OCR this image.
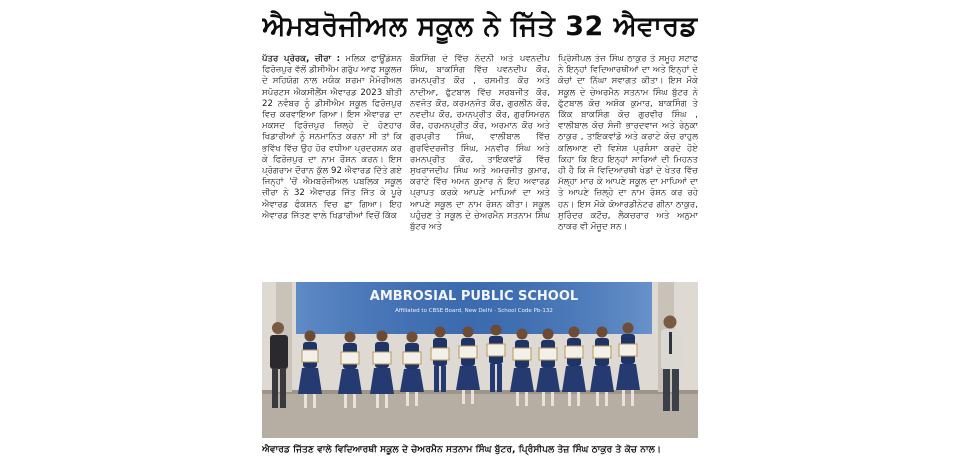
ਐਮਬਰੋਜੀਅਲ ਸਕੂਲ ਨੇ ਜਿੱਤੇ 32 ਐਵਾਰਡ
ਪੱਤਰ ਪ੍ਰੇਰਕ, ਜ਼ੀਰਾ : ਮਲਿਕ ਫਾਊਂਡੇਸ਼ਨ ਫਿਰੋਜ਼ਪੁਰ ਵੱਲੋਂ ਡੀਸੀਐਮ ਗਰੁੱਪ ਆਫ ਸਕੂਲਜ਼ ਦੇ ਸਹਿਯੋਗ ਨਾਲ ਮਯੰਕ ਸ਼ਰਮਾ ਮੈਮੋਰੀਅਲ ਸਪੋਰਟਸ ਐਕਸੀਲੈਂਸ ਐਵਾਰਡ 2023 ਬੀਤੀ 22 ਨਵੰਬਰ ਨੂੰ ਡੀਸੀਐਮ ਸਕੂਲ ਫਿਰੋਜ਼ਪੁਰ ਵਿਚ ਕਰਵਾਇਆ ਗਿਆ। ਇਸ ਐਵਾਰਡ ਦਾ ਮਕਸਦ ਫਿਰੋਜ਼ਪੁਰ ਜ਼ਿਲ੍ਹੇ ਦੇ ਹੋਣਹਾਰ ਖਿਡਾਰੀਆਂ ਨੂੰ ਸਨਮਾਨਿਤ ਕਰਨਾ ਸੀ ਤਾਂ ਕਿ ਭਵਿੱਖ ਵਿੱਚ ਉਹ ਹੋਰ ਵਧੀਆ ਪ੍ਰਦਰਸ਼ਨ ਕਰ ਕੇ ਫਿਰੋਜ਼ਪੁਰ ਦਾ ਨਾਮ ਰੌਸ਼ਨ ਕਰਨ। ਇਸ ਪ੍ਰੋਗਰਾਮ ਦੌਰਾਨ ਕੁੱਲ 92 ਐਵਾਰਡ ਦਿੱਤੇ ਗਏ ਜਿਨ੍ਹਾਂ 'ਚੋਂ ਐਮਬਰੋਜੀਅਲ ਪਬਲਿਕ ਸਕੂਲ ਜ਼ੀਰਾ ਨੇ 32 ਐਵਾਰਡ ਜਿੱਤ ਜਿੱਤ ਕੇ ਪੂਰੇ ਐਵਾਰਡ ਫੰਕਸ਼ਨ ਵਿਚ ਛਾ ਗਿਆ। ਇਹ ਐਵਾਰਡ ਜਿੱਤਣ ਵਾਲੇ ਖਿਡਾਰੀਆਂ ਵਿਚੋਂ ਕਿੱਕ
ਬੌਕਸਿੰਗ ਦੇ ਵਿੱਚ ਨੰਦਨੀ ਅਤੇ ਪਵਨਦੀਪ ਸਿੰਘ, ਬਾਕਸਿੰਗ ਵਿੱਚ ਪਵਨਦੀਪ ਕੌਰ, ਰਮਨਪ੍ਰੀਤ ਕੌਰ , ਰਸਮੀਤ ਕੌਰ ਅਤੇ ਨਾਦੀਆ, ਫੁੱਟਬਾਲ ਵਿੱਚ ਸਰਬਜੀਤ ਕੌਰ, ਨਵਜੋਤ ਕੌਰ, ਕਰਮਨਜੋਤ ਕੌਰ, ਗੁਰਲੀਨ ਕੌਰ, ਨਵਦੀਪ ਕੌਰ, ਰਮਨਪ੍ਰੀਤ ਕੌਰ, ਗੁਰਸਿਮਰਨ ਕੌਰ, ਹਰਮਨਪ੍ਰੀਤ ਕੌਰ, ਅਰਮਾਨ ਕੌਰ ਅਤੇ ਗੁਰਪ੍ਰੀਤ ਸਿੰਘ, ਵਾਲੀਬਾਲ ਵਿੱਚ ਗੁਰਵਿੰਦਰਜੀਤ ਸਿੰਘ, ਮਨਵੀਰ ਸਿੰਘ ਅਤੇ ਰਮਨਪ੍ਰੀਤ ਕੌਰ, ਤਾਇਕਵਾਂਡੋ ਵਿੱਚ ਸੁਖਰਾਜਦੀਪ ਸਿੰਘ ਅਤੇ ਅਮਰਜੀਤ ਕੁਮਾਰ, ਕਰਾਟੇ ਵਿੱਚ ਅਮਨ ਕੁਮਾਰ ਨੇ ਇਹ ਅਵਾਰਡ ਪ੍ਰਾਪਤ ਕਰਕੇ ਆਪਣੇ ਮਾਪਿਆਂ ਦਾ ਅਤੇ ਆਪਣੇ ਸਕੂਲ ਦਾ ਨਾਮ ਰੋਸ਼ਨ ਕੀਤਾ। ਸਕੂਲ ਪਹੁੰਚਣ ਤੇ ਸਕੂਲ ਦੇ ਚੇਅਰਮੈਨ ਸਤਨਾਮ ਸਿੰਘ ਬੁੱਟਰ ਅਤੇ
ਪ੍ਰਿੰਸੀਪਲ ਤੇਜ਼ ਸਿੰਘ ਠਾਕੁਰ ਤੇ ਸਮੂਹ ਸਟਾਫ ਨੇ ਇਨ੍ਹਾਂ ਵਿਦਿਆਰਥੀਆਂ ਦਾ ਅਤੇ ਇਨ੍ਹਾਂ ਦੇ ਕੋਚਾਂ ਦਾ ਨਿੱਘਾ ਸਵਾਗਤ ਕੀਤਾ। ਇਸ ਮੌਕੇ ਸਕੂਲ ਦੇ ਚੇਅਰਮੈਨ ਸਤਨਾਮ ਸਿੰਘ ਬੁੱਟਰ ਨੇ ਫੁੱਟਬਾਲ ਕੋਚ ਅਸ਼ੋਕ ਕੁਮਾਰ, ਬਾਕਸਿੰਗ ਤੇ ਕਿੱਕ ਬਾਕਸਿੰਗ ਕੋਚ ਗੁਰਵੀਰ ਸਿੰਘ , ਵਾਲੀਬਾਲ ਕੋਚ ਸੰਜੀ ਭਾਰਦਵਾਜ ਅਤੇ ਰੇਨੁਕਾ ਠਾਕੁਰ , ਤਾਇਕਵਾਂਡੋ ਅਤੇ ਕਰਾਟੇ ਕੋਚ ਰਾਹੁਲ ਕਲਿਆਣ ਦੀ ਵਿਸ਼ੇਸ਼ ਪ੍ਰਸ਼ੰਸਾ ਕਰਦੇ ਹੋਏ ਕਿਹਾ ਕਿ ਇਹ ਇਨ੍ਹਾਂ ਸਾਰਿਆਂ ਦੀ ਮਿਹਨਤ ਹੀ ਹੈ ਕਿ ਜੋ ਵਿਦਿਆਰਥੀ ਖੇਡਾਂ ਦੇ ਖੇਤਰ ਵਿੱਚ ਮੱਲ੍ਹਾ ਮਾਰ ਕੇ ਆਪਣੇ ਸਕੂਲ ਦਾ ਮਾਪਿਆਂ ਦਾ ਤੇ ਆਪਣੇ ਜ਼ਿਲ੍ਹੇ ਦਾ ਨਾਮ ਰੋਸ਼ਨ ਕਰ ਰਹੇ ਹਨ। ਇਸ ਮੌਕੇ ਕੋਆਰਡੀਨੇਟਰ ਗੀਨਾ ਠਾਕੁਰ, ਸੁਰਿੰਦਰ ਕਟੌਚ, ਲੈਕਚਰਾਰ ਅਤੇ ਅਨੁਮਾ ਠਾਕਰ ਵੀ ਮੌਜੂਦ ਸਨ।
AMBROSIAL PUBLIC SCHOOL
Affiliated to CBSE Board, New Delhi · School Code Pb-132
ਐਵਾਰਡ ਜਿੱਤਣ ਵਾਲੇ ਵਿਦਿਆਰਥੀ ਸਕੂਲ ਦੇ ਚੇਅਰਮੈਨ ਸਤਨਾਮ ਸਿੰਘ ਬੁੱਟਰ, ਪ੍ਰਿੰਸੀਪਲ ਤੇਜ਼ ਸਿੰਘ ਠਾਕੁਰ ਤੇ ਕੋਚ ਨਾਲ।
